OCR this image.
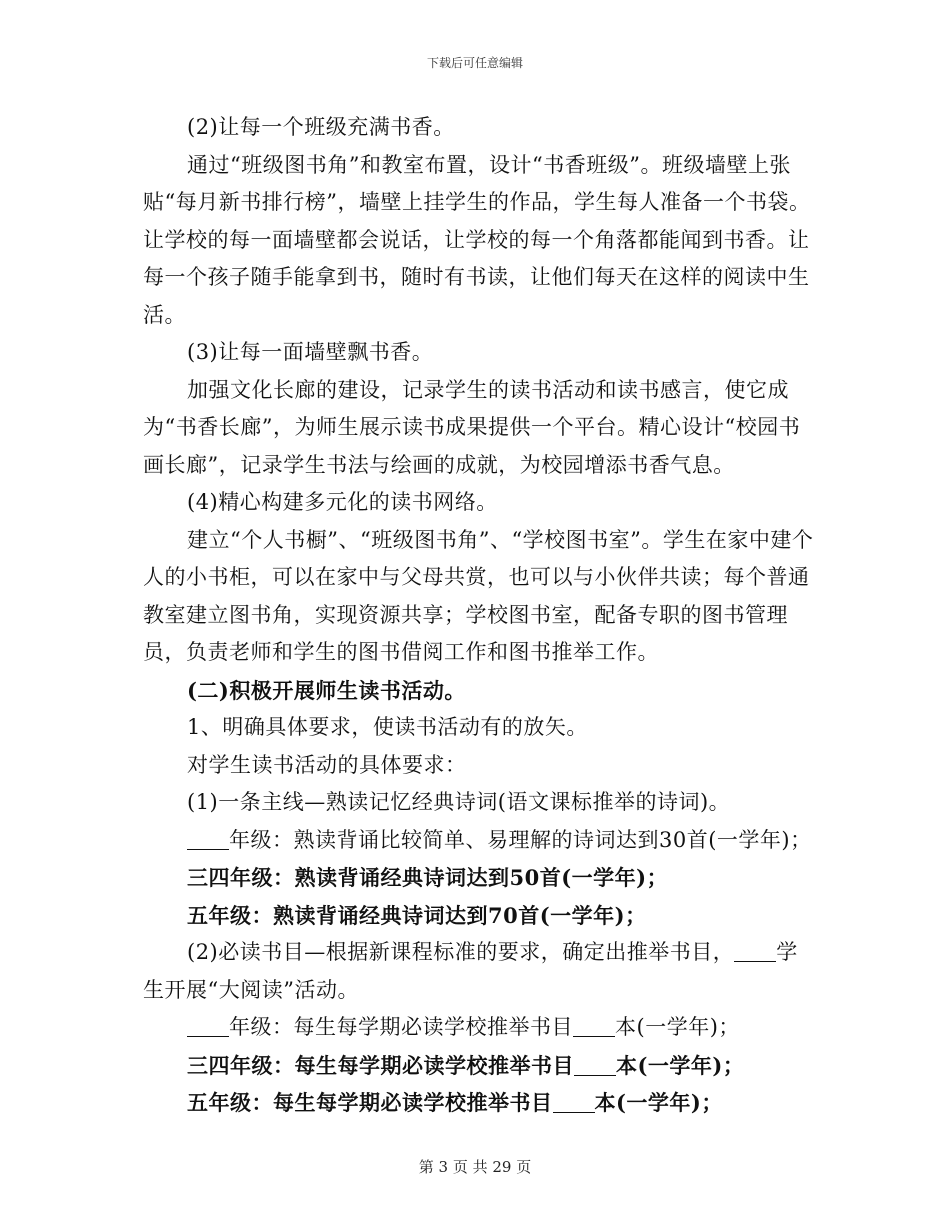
下载后可任意编辑

(2)让每一个班级充满书香。

通过“班级图书角”和教室布置，设计“书香班级”。班级墙壁上张贴“每月新书排行榜”，墙壁上挂学生的作品，学生每人准备一个书袋。让学校的每一面墙壁都会说话，让学校的每一个角落都能闻到书香。让每一个孩子随手能拿到书，随时有书读，让他们每天在这样的阅读中生活。

(3)让每一面墙壁飘书香。

加强文化长廊的建设，记录学生的读书活动和读书感言，使它成为“书香长廊”，为师生展示读书成果提供一个平台。精心设计“校园书画长廊”，记录学生书法与绘画的成就，为校园增添书香气息。

(4)精心构建多元化的读书网络。

建立“个人书橱”、“班级图书角”、“学校图书室”。学生在家中建个人的小书柜，可以在家中与父母共赏，也可以与小伙伴共读；每个普通教室建立图书角，实现资源共享；学校图书室，配备专职的图书管理员，负责老师和学生的图书借阅工作和图书推举工作。

(二)积极开展师生读书活动。

1、明确具体要求，使读书活动有的放矢。

对学生读书活动的具体要求：

(1)一条主线—熟读记忆经典诗词(语文课标推举的诗词)。

年级：熟读背诵比较简单、易理解的诗词达到30首(一学年)；

三四年级：熟读背诵经典诗词达到50首(一学年)；

五年级：熟读背诵经典诗词达到70首(一学年)；

(2)必读书目—根据新课程标准的要求，确定出推举书目， 学生开展“大阅读”活动。

年级：每生每学期必读学校推举书目 本(一学年)；

三四年级：每生每学期必读学校推举书目 本(一学年)；

五年级：每生每学期必读学校推举书目 本(一学年)；

第 3 页 共 29 页
